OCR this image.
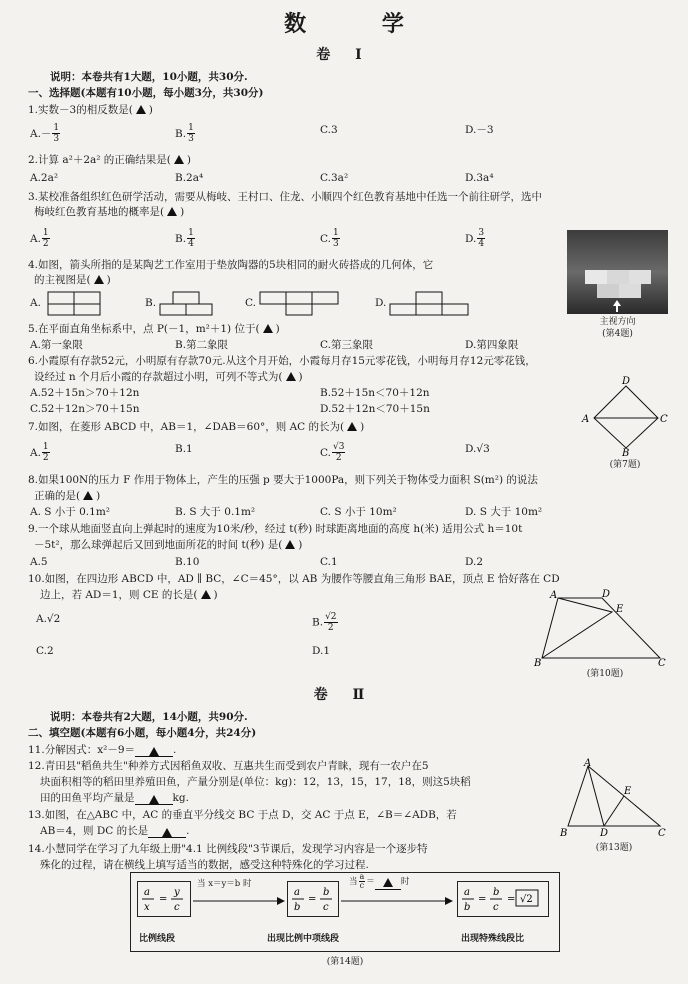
数 学
卷 Ⅰ
说明：本卷共有1大题，10小题，共30分.
一、选择题(本题有10小题，每小题3分，共30分)
1.实数－3的相反数是( )
$A.- \frac{1}{3}$	B. $\frac{1}{3}$	C.3	D.－3
2.计算 a²＋2a² 的正确结果是( )
A.2a²	B.2a⁴	C.3a²	D.3a⁴
3.某校准备组织红色研学活动，需要从梅岐、王村口、住龙、小顺四个红色教育基地中任选一个前往研学，选中
梅岐红色教育基地的概率是( )
A. $\frac{1}{2}$	B. $\frac{1}{4}$	C. $\frac{1}{3}$	D. $\frac{3}{4}$
4.如图，箭头所指的是某陶艺工作室用于垫放陶器的5块相同的耐火砖搭成的几何体，它
的主视图是( )
A.	B.	C.	D.
主视方向
(第4题)
5.在平面直角坐标系中，点 P(－1，m²＋1) 位于( )
A.第一象限	B.第二象限	C.第三象限	D.第四象限
6.小霞原有存款52元，小明原有存款70元.从这个月开始，小霞每月存15元零花钱，小明每月存12元零花钱，
设经过 n 个月后小霞的存款超过小明，可列不等式为( )
A.52＋15n＞70＋12n	B.52＋15n＜70＋12n
C.52＋12n＞70＋15n	D.52＋12n＜70＋15n
D
A	C
B
(第7题)
7.如图，在菱形 ABCD 中，AB＝1，∠DAB＝60°，则 AC 的长为( )
A. $\frac{1}{2}$	B.1	C. $\frac{√3}{2}$	D.√3
8.如果100N的压力 F 作用于物体上，产生的压强 p 要大于1000Pa，则下列关于物体受力面积 S(m²) 的说法
正确的是( )
A. S 小于 0.1m²	B. S 大于 0.1m²	C. S 小于 10m²	D. S 大于 10m²
9.一个球从地面竖直向上弹起时的速度为10米/秒，经过 t(秒) 时球距离地面的高度 h(米) 适用公式 h＝10t
－5t²，那么球弹起后又回到地面所花的时间 t(秒) 是( )
A.5	B.10	C.1	D.2
10.如图，在四边形 ABCD 中，AD ∥ BC，∠C＝45°，以 AB 为腰作等腰直角三角形 BAE，顶点 E 恰好落在 CD
边上，若 AD＝1，则 CE 的长是( )
A.√2	B. $\frac{√2}{2}$
C.2	D.1
A	D
E
B	C
(第10题)
卷 Ⅱ
说明：本卷共有2大题，14小题，共90分.
二、填空题(本题有6小题，每小题4分，共24分)
11.分解因式：x²－9＝	.
12.青田县"稻鱼共生"种养方式因稻鱼双收、互惠共生而受到农户青睐，现有一农户在5
块面积相等的稻田里养殖田鱼，产量分别是(单位：kg)：12，13，15，17，18，则这5块稻
田的田鱼平均产量是	kg.
13.如图，在△ABC 中，AC 的垂直平分线交 BC 于点 D，交 AC 于点 E，∠B＝∠ADB，若
AB＝4，则 DC 的长是	.
A
E
B	D	C
(第13题)
14.小慧同学在学习了九年级上册"4.1 比例线段"3节课后，发现学习内容是一个逐步特
殊化的过程，请在横线上填写适当的数据，感受这种特殊化的学习过程.
a
x
=
y
c
当 x＝y＝b 时
a
b
=
b
c
当 $\frac{a}{c}$ ＝	时
a
b
=
b
c
= √2
比例线段	出现比例中项线段	出现特殊线段比
(第14题)
